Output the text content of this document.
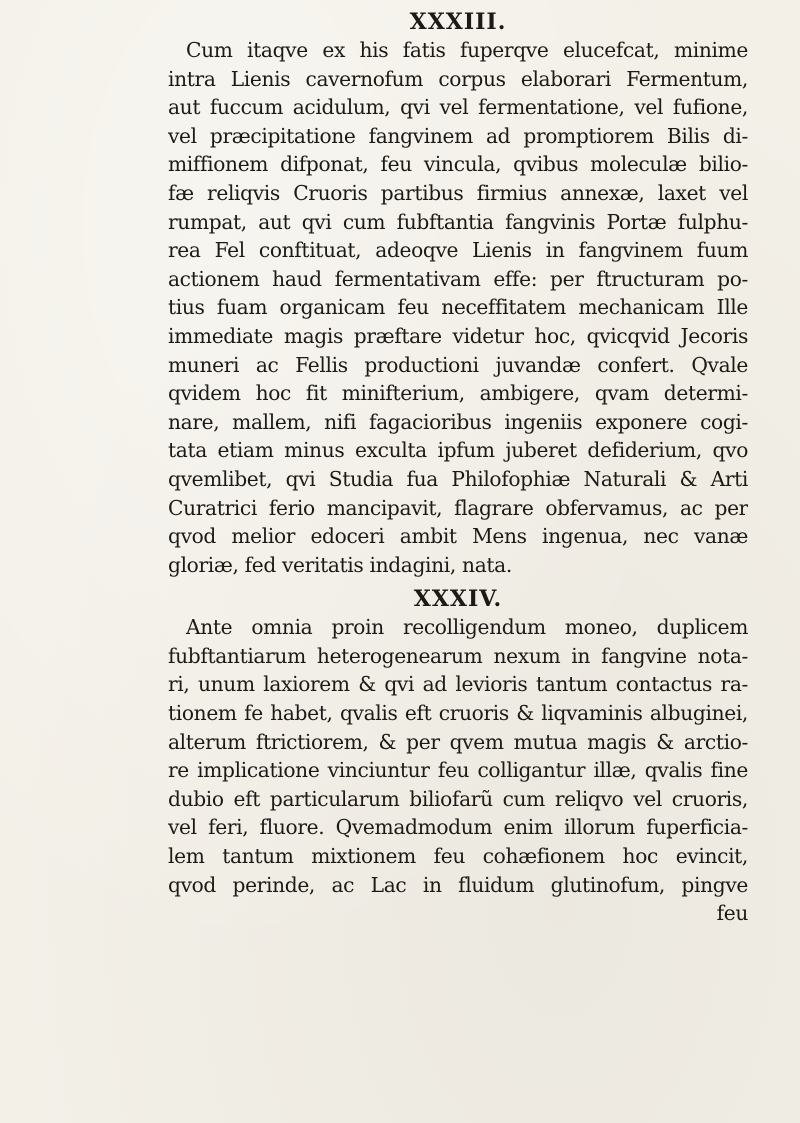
XXXIII.
Cum itaqve ex his fatis fuperqve elucefcat, minime
intra Lienis cavernofum corpus elaborari Fermentum,
aut fuccum acidulum, qvi vel fermentatione, vel fufione,
vel præcipitatione fangvinem ad promptiorem Bilis di-
miffionem difponat, feu vincula, qvibus moleculæ bilio-
fæ reliqvis Cruoris partibus firmius annexæ, laxet vel
rumpat, aut qvi cum fubftantia fangvinis Portæ fulphu-
rea Fel conftituat, adeoqve Lienis in fangvinem fuum
actionem haud fermentativam effe: per ftructuram po-
tius fuam organicam feu neceffitatem mechanicam Ille
immediate magis præftare videtur hoc, qvicqvid Jecoris
muneri ac Fellis productioni juvandæ confert. Qvale
qvidem hoc fit minifterium, ambigere, qvam determi-
nare, mallem, nifi fagacioribus ingeniis exponere cogi-
tata etiam minus exculta ipfum juberet defiderium, qvo
qvemlibet, qvi Studia fua Philofophiæ Naturali & Arti
Curatrici ferio mancipavit, flagrare obfervamus, ac per
qvod melior edoceri ambit Mens ingenua, nec vanæ
gloriæ, fed veritatis indagini, nata.
XXXIV.
Ante omnia proin recolligendum moneo, duplicem
fubftantiarum heterogenearum nexum in fangvine nota-
ri, unum laxiorem & qvi ad levioris tantum contactus ra-
tionem fe habet, qvalis eft cruoris & liqvaminis albuginei,
alterum ftrictiorem, & per qvem mutua magis & arctio-
re implicatione vinciuntur feu colligantur illæ, qvalis fine
dubio eft particularum biliofarũ cum reliqvo vel cruoris,
vel feri, fluore. Qvemadmodum enim illorum fuperficia-
lem tantum mixtionem feu cohæfionem hoc evincit,
qvod perinde, ac Lac in fluidum glutinofum, pingve
feu
